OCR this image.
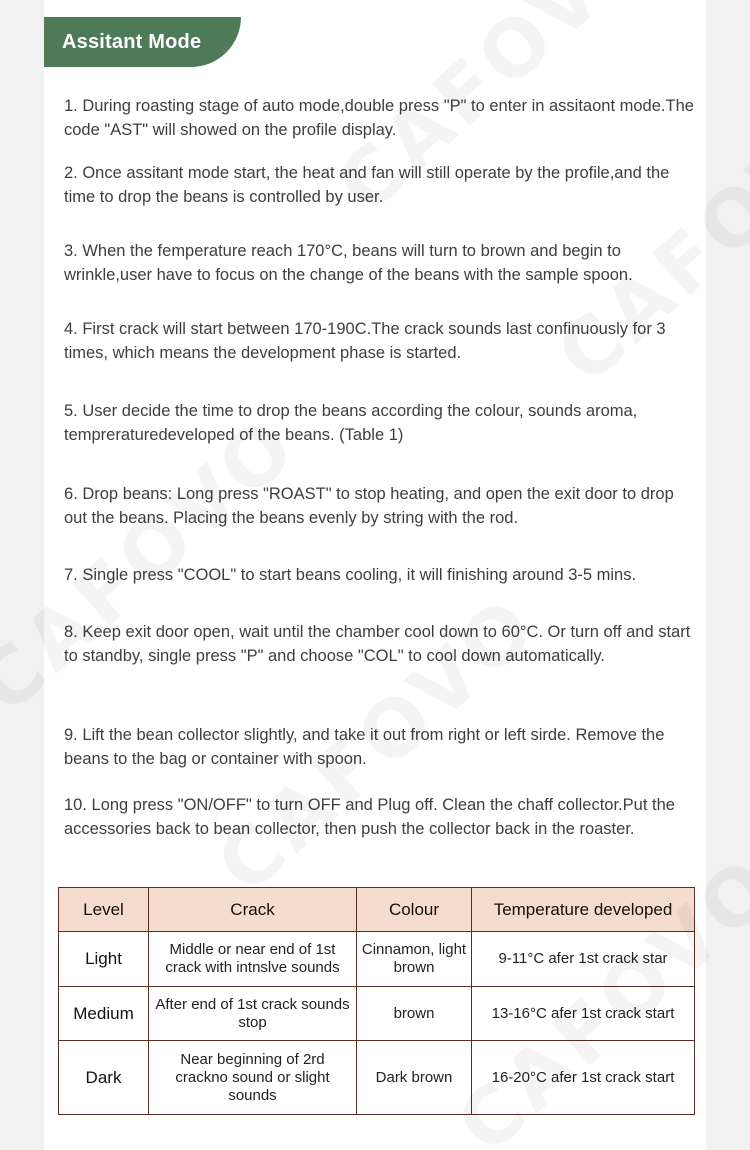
Assitant Mode
1. During roasting stage of auto mode,double press "P" to enter in assitaont mode.The code "AST" will showed on the profile display.
2. Once assitant mode start, the heat and fan will still operate by the profile,and the time to drop the beans is controlled by user.
3. When the femperature reach 170°C, beans will turn to brown and begin to wrinkle,user have to focus on the change of the beans with the sample spoon.
4. First crack will start between 170-190C.The crack sounds last confinuously for 3 times, which means the development phase is started.
5. User decide the time to drop the beans according the colour, sounds aroma, tempreraturedeveloped of the beans. (Table 1)
6. Drop beans: Long press "ROAST" to stop heating, and open the exit door to drop out the beans. Placing the beans evenly by string with the rod.
7. Single press "COOL" to start beans cooling, it will finishing around 3-5 mins.
8. Keep exit door open, wait until the chamber cool down to 60°C. Or turn off and start to standby, single press "P" and choose "COL" to cool down automatically.
9. Lift the bean collector slightly, and take it out from right or left sirde. Remove the beans to the bag or container with spoon.
10. Long press "ON/OFF" to turn OFF and Plug off. Clean the chaff collector.Put the accessories back to bean collector, then push the collector back in the roaster.
Level	Crack	Colour	Temperature developed
Light	Middle or near end of 1st crack with intnslve sounds	Cinnamon, light brown	9-11°C afer 1st crack star
Medium	After end of 1st crack sounds stop	brown	13-16°C afer 1st crack start
Dark	Near beginning of 2rd crackno sound or slight sounds	Dark brown	16-20°C afer 1st crack start
